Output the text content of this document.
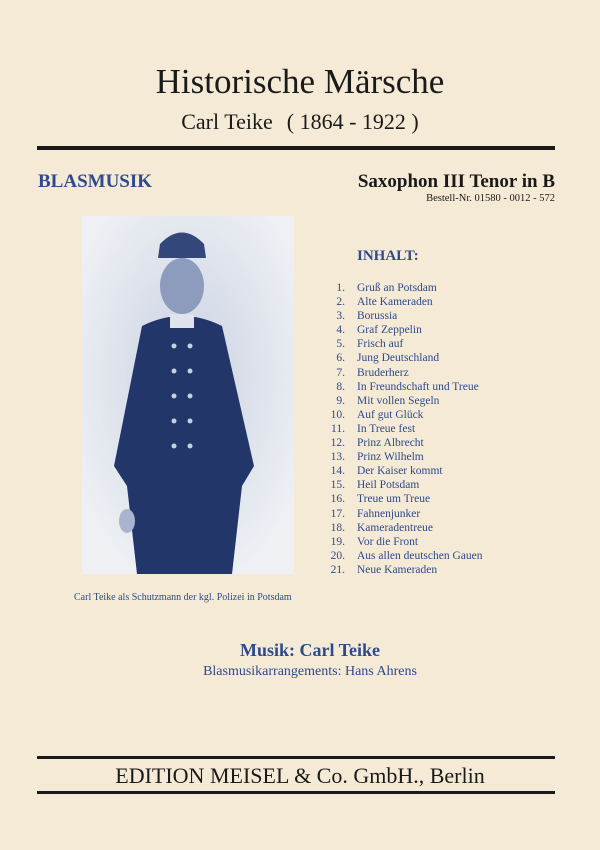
Historische Märsche
Carl Teike ( 1864 - 1922 )
BLASMUSIK	Saxophon III Tenor in B
Bestell-Nr. 01580 - 0012 - 572
Carl Teike als Schutzmann der kgl. Polizei in Potsdam
INHALT:
1. Gruß an Potsdam
2. Alte Kameraden
3. Borussia
4. Graf Zeppelin
5. Frisch auf
6. Jung Deutschland
7. Bruderherz
8. In Freundschaft und Treue
9. Mit vollen Segeln
10. Auf gut Glück
11. In Treue fest
12. Prinz Albrecht
13. Prinz Wilhelm
14. Der Kaiser kommt
15. Heil Potsdam
16. Treue um Treue
17. Fahnenjunker
18. Kameradentreue
19. Vor die Front
20. Aus allen deutschen Gauen
21. Neue Kameraden
Musik: Carl Teike
Blasmusikarrangements: Hans Ahrens
EDITION MEISEL & Co. GmbH., Berlin
